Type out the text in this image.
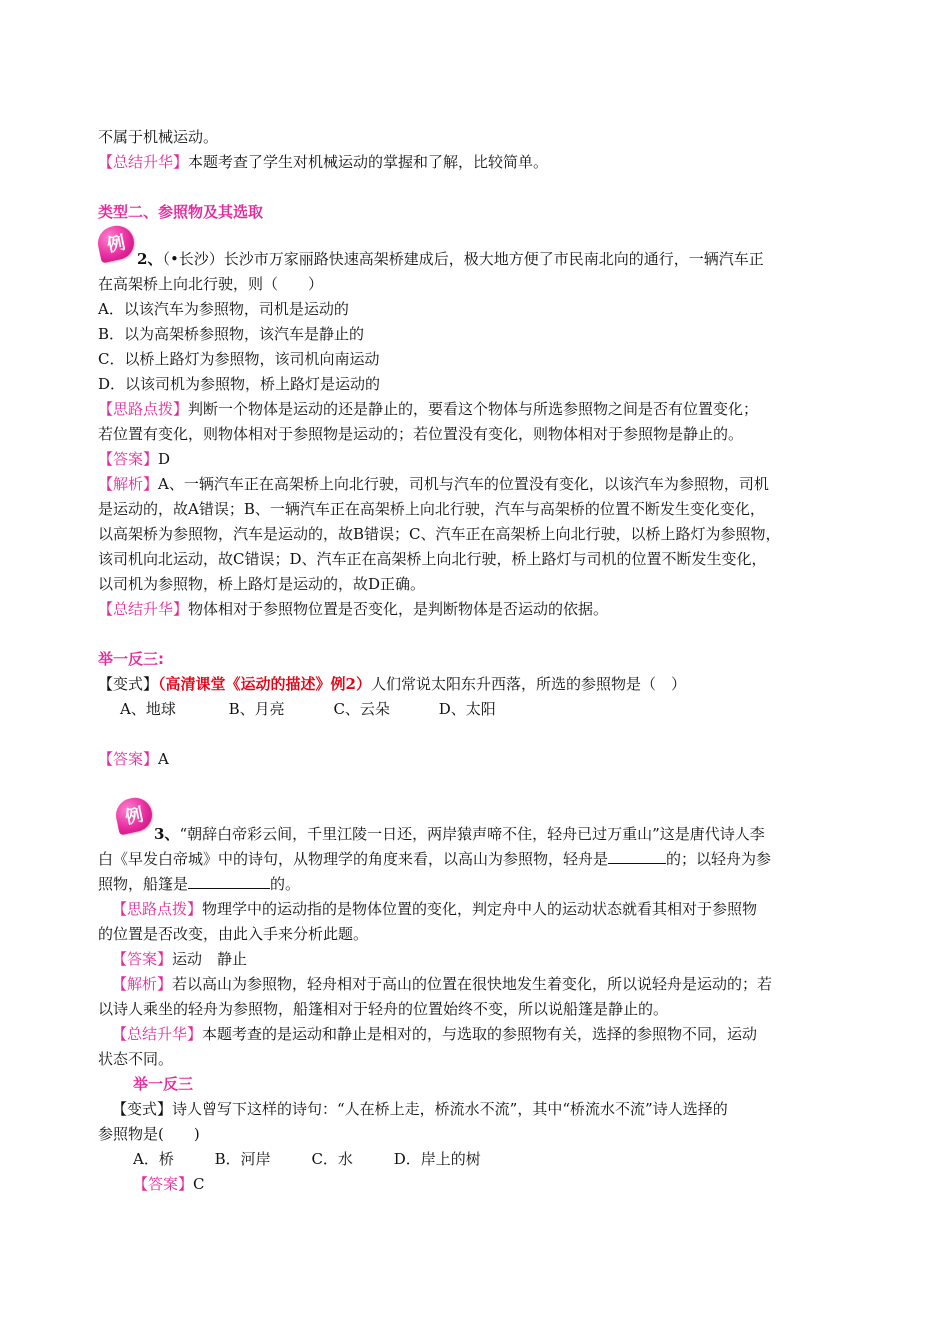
不属于机械运动。
【总结升华】本题考查了学生对机械运动的掌握和了解，比较简单。
类型二、参照物及其选取
例
2、（•长沙）长沙市万家丽路快速高架桥建成后，极大地方便了市民南北向的通行，一辆汽车正
在高架桥上向北行驶，则（　　）
A．以该汽车为参照物，司机是运动的
B．以为高架桥参照物，该汽车是静止的
C．以桥上路灯为参照物，该司机向南运动
D．以该司机为参照物，桥上路灯是运动的
【思路点拨】判断一个物体是运动的还是静止的，要看这个物体与所选参照物之间是否有位置变化；
若位置有变化，则物体相对于参照物是运动的；若位置没有变化，则物体相对于参照物是静止的。
【答案】D
【解析】A、一辆汽车正在高架桥上向北行驶，司机与汽车的位置没有变化，以该汽车为参照物，司机
是运动的，故A错误；B、一辆汽车正在高架桥上向北行驶，汽车与高架桥的位置不断发生变化变化，
以高架桥为参照物，汽车是运动的，故B错误；C、汽车正在高架桥上向北行驶，以桥上路灯为参照物，
该司机向北运动，故C错误；D、汽车正在高架桥上向北行驶，桥上路灯与司机的位置不断发生变化，
以司机为参照物，桥上路灯是运动的，故D正确。
【总结升华】物体相对于参照物位置是否变化，是判断物体是否运动的依据。
举一反三:
【变式】（高清课堂《运动的描述》例2）人们常说太阳东升西落，所选的参照物是（　）
A、地球	B、月亮	C、云朵	D、太阳
【答案】A
例
3、“朝辞白帝彩云间，千里江陵一日还，两岸猿声啼不住，轻舟已过万重山”这是唐代诗人李
白《早发白帝城》中的诗句，从物理学的角度来看，以高山为参照物，轻舟是	的；以轻舟为参
照物，船篷是	的。
【思路点拨】物理学中的运动指的是物体位置的变化，判定舟中人的运动状态就看其相对于参照物
的位置是否改变，由此入手来分析此题。
【答案】运动　静止
【解析】若以高山为参照物，轻舟相对于高山的位置在很快地发生着变化，所以说轻舟是运动的；若
以诗人乘坐的轻舟为参照物，船篷相对于轻舟的位置始终不变，所以说船篷是静止的。
【总结升华】本题考查的是运动和静止是相对的，与选取的参照物有关，选择的参照物不同，运动
状态不同。
举一反三
【变式】诗人曾写下这样的诗句：“人在桥上走，桥流水不流”，其中“桥流水不流”诗人选择的
参照物是(　　)
A．桥	B．河岸	C．水	D．岸上的树
【答案】C
